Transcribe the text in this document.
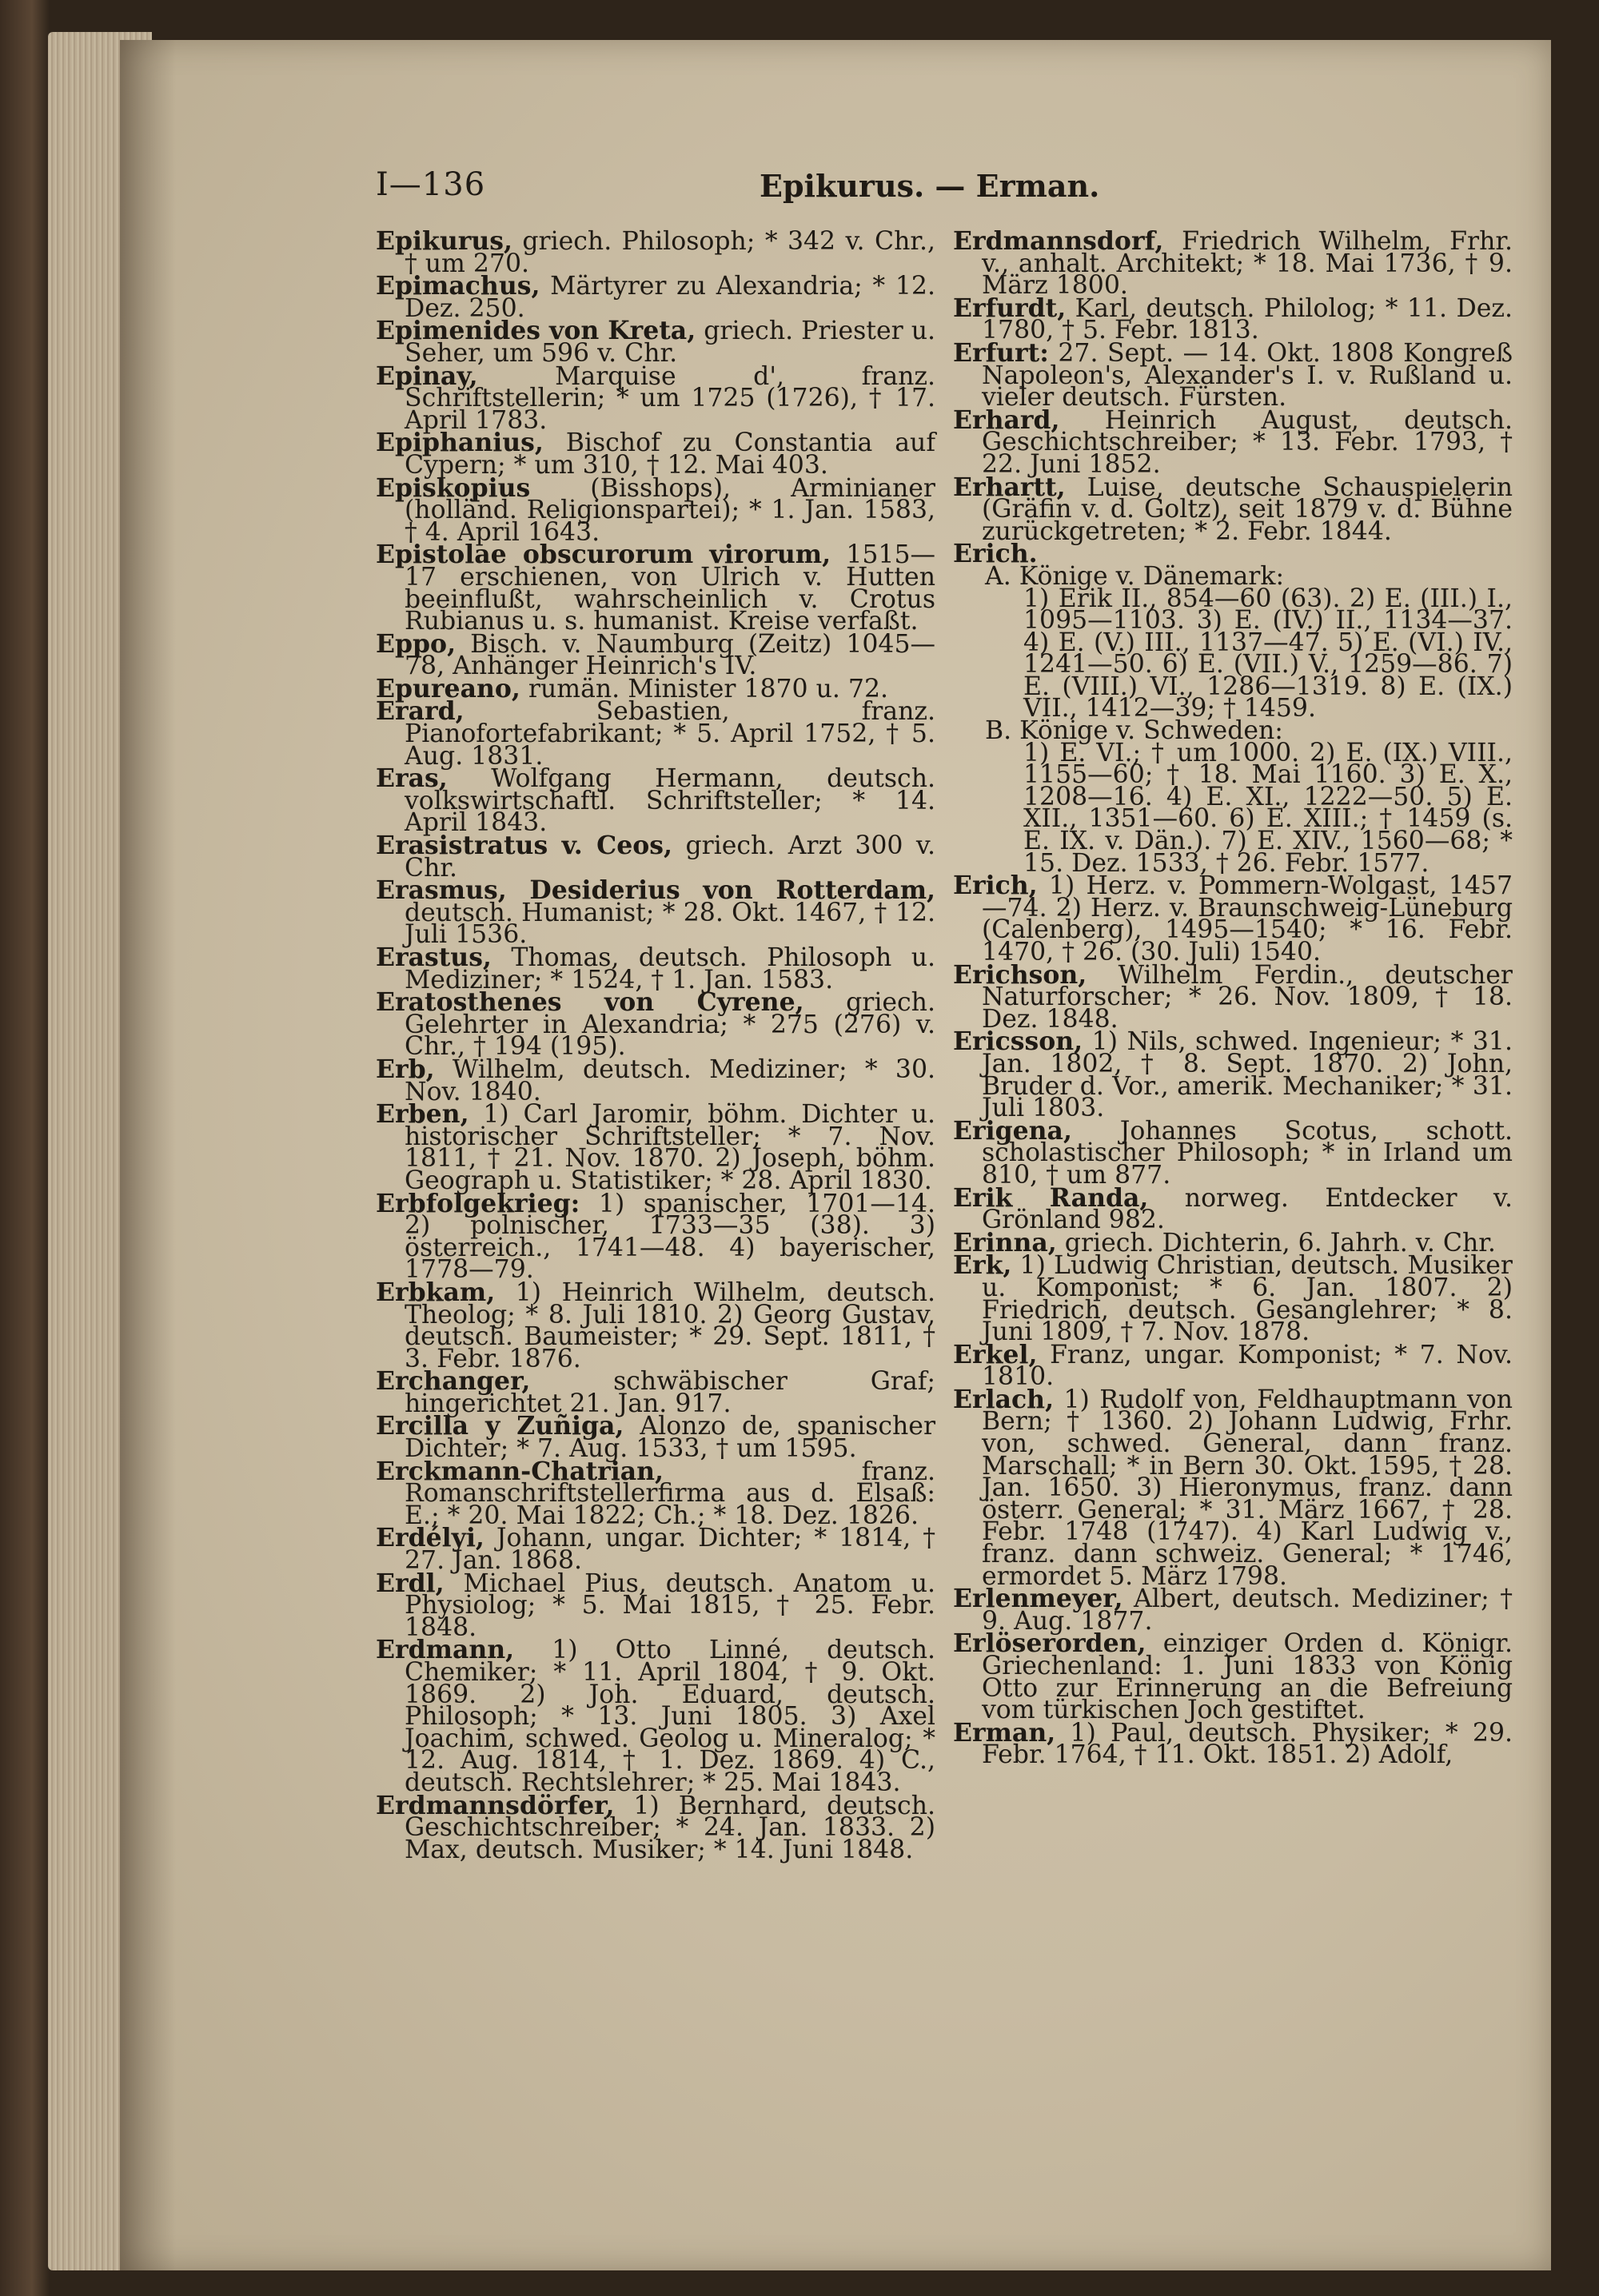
I—136	Epikurus. — Erman.

Epikurus, griech. Philosoph; * 342 v. Chr., † um 270.

Epimachus, Märtyrer zu Alexandria; * 12. Dez. 250.

Epimenides von Kreta, griech. Priester u. Seher, um 596 v. Chr.

Epinay, Marquise d', franz. Schriftstellerin; * um 1725 (1726), † 17. April 1783.

Epiphanius, Bischof zu Constantia auf Cypern; * um 310, † 12. Mai 403.

Episkopius (Bisshops), Arminianer (holländ. Religionspartei); * 1. Jan. 1583, † 4. April 1643.

Epistolae obscurorum virorum, 1515—17 erschienen, von Ulrich v. Hutten beeinflußt, wahrscheinlich v. Crotus Rubianus u. s. humanist. Kreise verfaßt.

Eppo, Bisch. v. Naumburg (Zeitz) 1045—78, Anhänger Heinrich's IV.

Epureano, rumän. Minister 1870 u. 72.

Erard, Sebastien, franz. Pianofortefabrikant; * 5. April 1752, † 5. Aug. 1831.

Eras, Wolfgang Hermann, deutsch. volkswirtschaftl. Schriftsteller; * 14. April 1843.

Erasistratus v. Ceos, griech. Arzt 300 v. Chr.

Erasmus, Desiderius von Rotterdam, deutsch. Humanist; * 28. Okt. 1467, † 12. Juli 1536.

Erastus, Thomas, deutsch. Philosoph u. Mediziner; * 1524, † 1. Jan. 1583.

Eratosthenes von Cyrene, griech. Gelehrter in Alexandria; * 275 (276) v. Chr., † 194 (195).

Erb, Wilhelm, deutsch. Mediziner; * 30. Nov. 1840.

Erben, 1) Carl Jaromir, böhm. Dichter u. historischer Schriftsteller; * 7. Nov. 1811, † 21. Nov. 1870. 2) Joseph, böhm. Geograph u. Statistiker; * 28. April 1830.

Erbfolgekrieg: 1) spanischer, 1701—14. 2) polnischer, 1733—35 (38). 3) österreich., 1741—48. 4) bayerischer, 1778—79.

Erbkam, 1) Heinrich Wilhelm, deutsch. Theolog; * 8. Juli 1810. 2) Georg Gustav, deutsch. Baumeister; * 29. Sept. 1811, † 3. Febr. 1876.

Erchanger, schwäbischer Graf; hingerichtet 21. Jan. 917.

Ercilla y Zuñiga, Alonzo de, spanischer Dichter; * 7. Aug. 1533, † um 1595.

Erckmann-Chatrian, franz. Romanschriftstellerfirma aus d. Elsaß: E.; * 20. Mai 1822; Ch.; * 18. Dez. 1826.

Erdélyi, Johann, ungar. Dichter; * 1814, † 27. Jan. 1868.

Erdl, Michael Pius, deutsch. Anatom u. Physiolog; * 5. Mai 1815, † 25. Febr. 1848.

Erdmann, 1) Otto Linné, deutsch. Chemiker; * 11. April 1804, † 9. Okt. 1869. 2) Joh. Eduard, deutsch. Philosoph; * 13. Juni 1805. 3) Axel Joachim, schwed. Geolog u. Mineralog; * 12. Aug. 1814, † 1. Dez. 1869. 4) C., deutsch. Rechtslehrer; * 25. Mai 1843.

Erdmannsdörfer, 1) Bernhard, deutsch. Geschichtschreiber; * 24. Jan. 1833. 2) Max, deutsch. Musiker; * 14. Juni 1848.

Erdmannsdorf, Friedrich Wilhelm, Frhr. v., anhalt. Architekt; * 18. Mai 1736, † 9. März 1800.

Erfurdt, Karl, deutsch. Philolog; * 11. Dez. 1780, † 5. Febr. 1813.

Erfurt: 27. Sept. — 14. Okt. 1808 Kongreß Napoleon's, Alexander's I. v. Rußland u. vieler deutsch. Fürsten.

Erhard, Heinrich August, deutsch. Geschichtschreiber; * 13. Febr. 1793, † 22. Juni 1852.

Erhartt, Luise, deutsche Schauspielerin (Gräfin v. d. Goltz), seit 1879 v. d. Bühne zurückgetreten; * 2. Febr. 1844.

Erich.

A. Könige v. Dänemark:

1) Erik II., 854—60 (63). 2) E. (III.) I., 1095—1103. 3) E. (IV.) II., 1134—37. 4) E. (V.) III., 1137—47. 5) E. (VI.) IV., 1241—50. 6) E. (VII.) V., 1259—86. 7) E. (VIII.) VI., 1286—1319. 8) E. (IX.) VII., 1412—39; † 1459.

B. Könige v. Schweden:

1) E. VI.; † um 1000. 2) E. (IX.) VIII., 1155—60; † 18. Mai 1160. 3) E. X., 1208—16. 4) E. XI., 1222—50. 5) E. XII., 1351—60. 6) E. XIII.; † 1459 (s. E. IX. v. Dän.). 7) E. XIV., 1560—68; * 15. Dez. 1533, † 26. Febr. 1577.

Erich, 1) Herz. v. Pommern-Wolgast, 1457—74. 2) Herz. v. Braunschweig-Lüneburg (Calenberg), 1495—1540; * 16. Febr. 1470, † 26. (30. Juli) 1540.

Erichson, Wilhelm Ferdin., deutscher Naturforscher; * 26. Nov. 1809, † 18. Dez. 1848.

Ericsson, 1) Nils, schwed. Ingenieur; * 31. Jan. 1802, † 8. Sept. 1870. 2) John, Bruder d. Vor., amerik. Mechaniker; * 31. Juli 1803.

Erigena, Johannes Scotus, schott. scholastischer Philosoph; * in Irland um 810, † um 877.

Erik Randa, norweg. Entdecker v. Grönland 982.

Erinna, griech. Dichterin, 6. Jahrh. v. Chr.

Erk, 1) Ludwig Christian, deutsch. Musiker u. Komponist; * 6. Jan. 1807. 2) Friedrich, deutsch. Gesanglehrer; * 8. Juni 1809, † 7. Nov. 1878.

Erkel, Franz, ungar. Komponist; * 7. Nov. 1810.

Erlach, 1) Rudolf von, Feldhauptmann von Bern; † 1360. 2) Johann Ludwig, Frhr. von, schwed. General, dann franz. Marschall; * in Bern 30. Okt. 1595, † 28. Jan. 1650. 3) Hieronymus, franz. dann österr. General; * 31. März 1667, † 28. Febr. 1748 (1747). 4) Karl Ludwig v., franz. dann schweiz. General; * 1746, ermordet 5. März 1798.

Erlenmeyer, Albert, deutsch. Mediziner; † 9. Aug. 1877.

Erlöserorden, einziger Orden d. Königr. Griechenland: 1. Juni 1833 von König Otto zur Erinnerung an die Befreiung vom türkischen Joch gestiftet.

Erman, 1) Paul, deutsch. Physiker; * 29. Febr. 1764, † 11. Okt. 1851. 2) Adolf,
